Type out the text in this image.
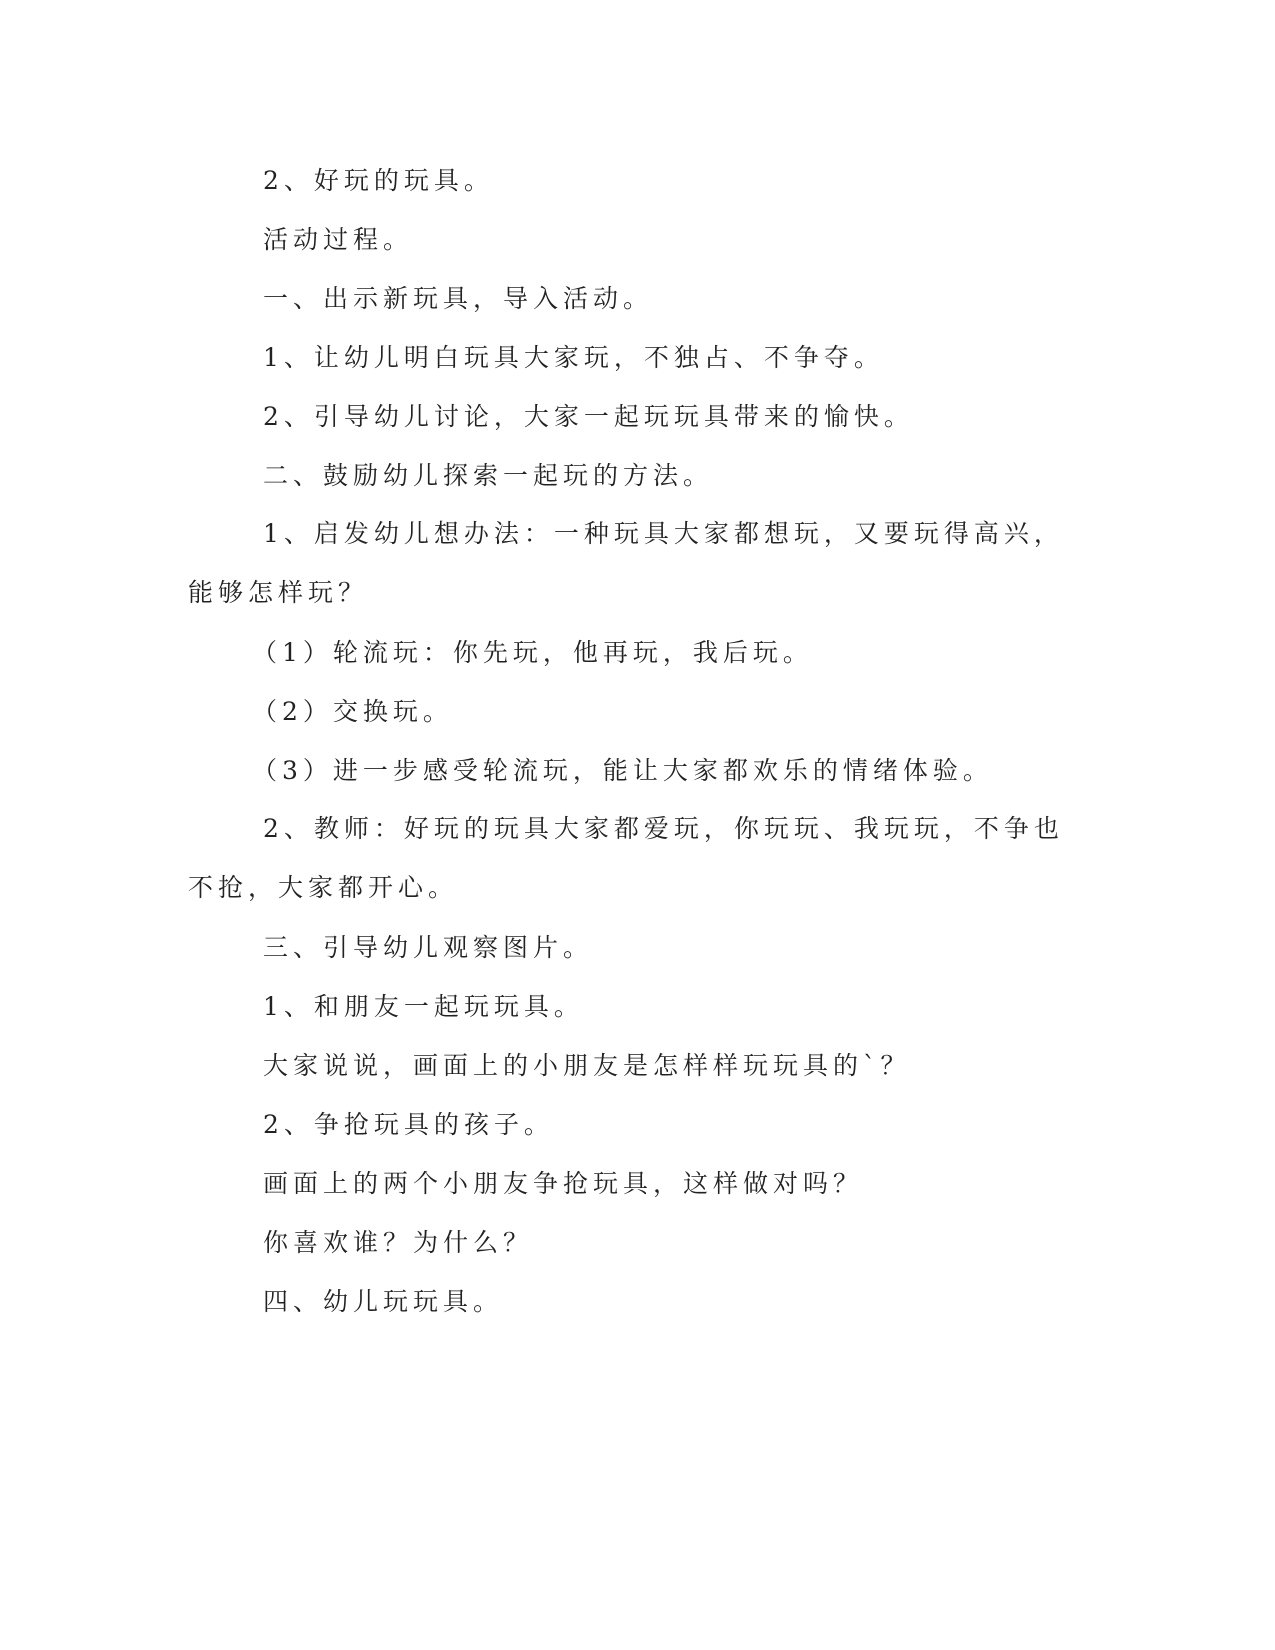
2、好玩的玩具。

活动过程。

一、出示新玩具，导入活动。

1、让幼儿明白玩具大家玩，不独占、不争夺。

2、引导幼儿讨论，大家一起玩玩具带来的愉快。

二、鼓励幼儿探索一起玩的方法。

1、启发幼儿想办法：一种玩具大家都想玩，又要玩得高兴，能够怎样玩？

（1）轮流玩：你先玩，他再玩，我后玩。

（2）交换玩。

（3）进一步感受轮流玩，能让大家都欢乐的情绪体验。

2、教师：好玩的玩具大家都爱玩，你玩玩、我玩玩，不争也不抢，大家都开心。

三、引导幼儿观察图片。

1、和朋友一起玩玩具。

大家说说，画面上的小朋友是怎样样玩玩具的`？

2、争抢玩具的孩子。

画面上的两个小朋友争抢玩具，这样做对吗？

你喜欢谁？为什么？

四、幼儿玩玩具。
